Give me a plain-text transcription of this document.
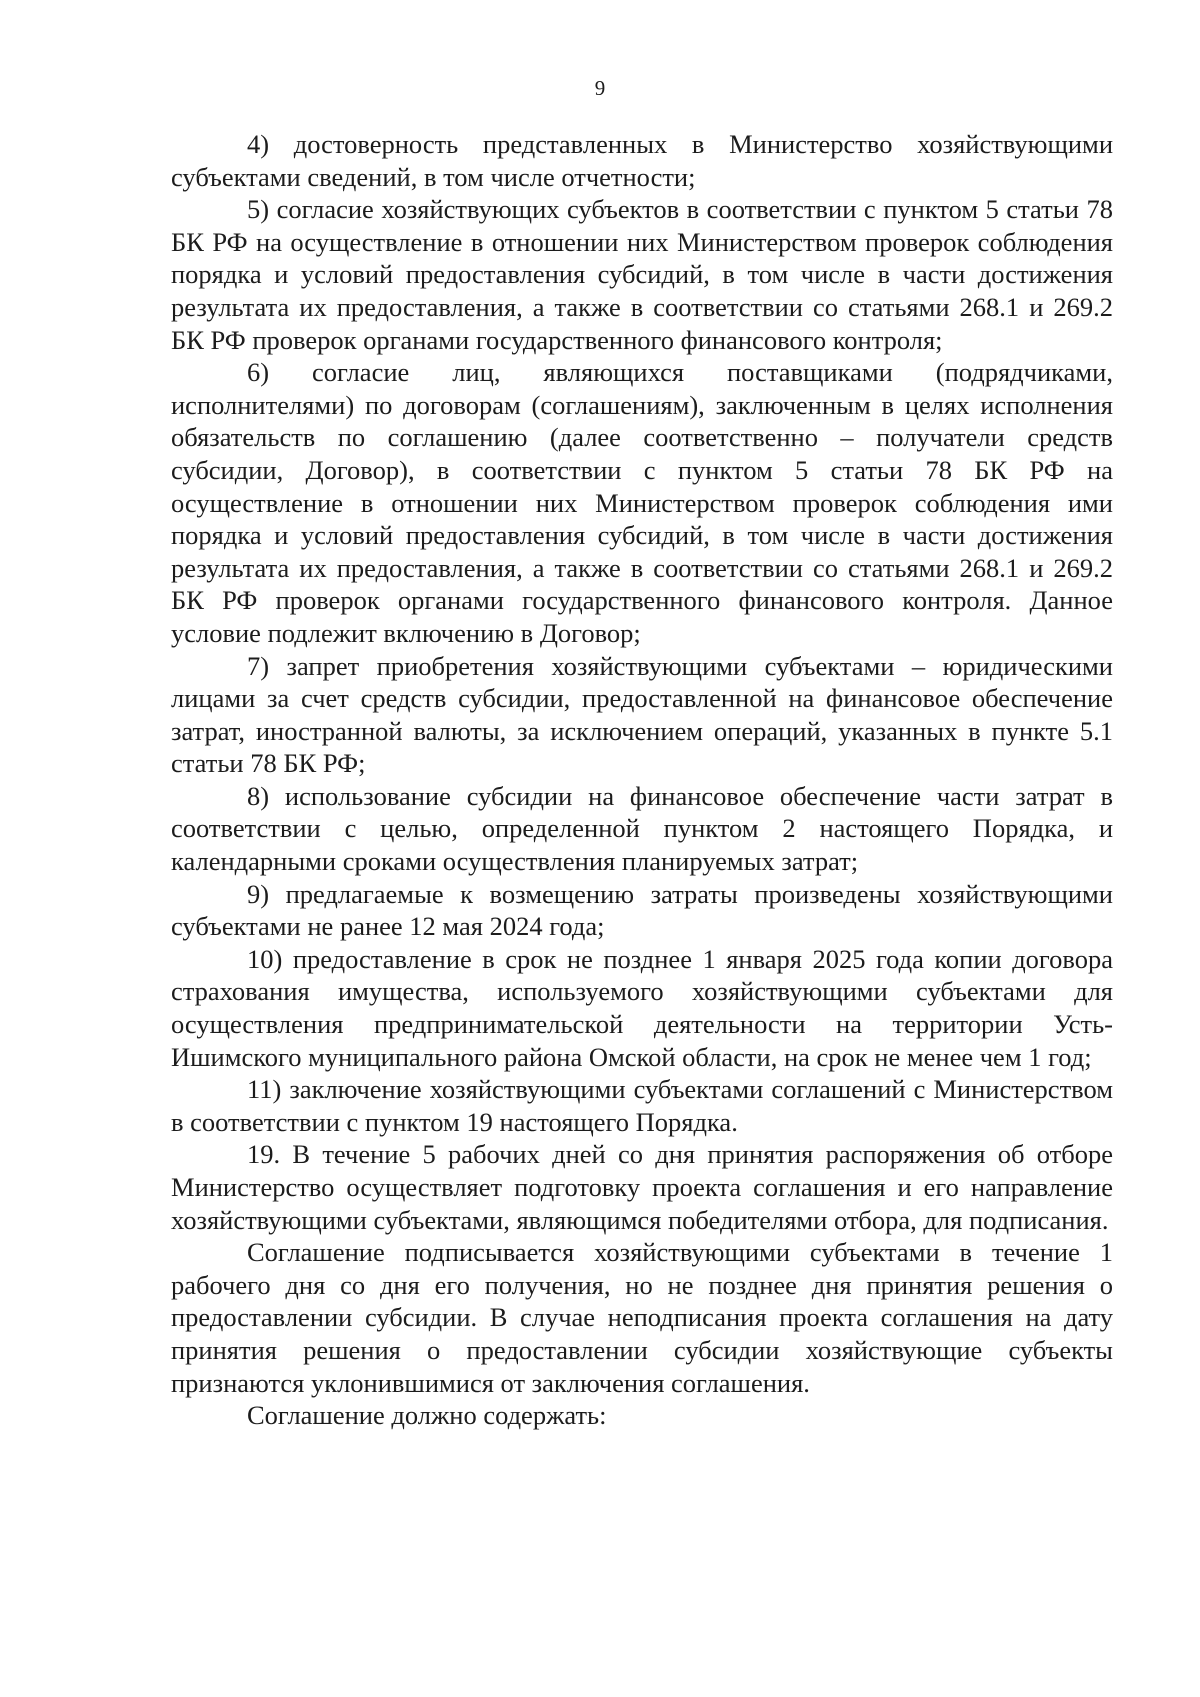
9

4) достоверность представленных в Министерство хозяйствующими субъектами сведений, в том числе отчетности;

5) согласие хозяйствующих субъектов в соответствии с пунктом 5 статьи 78 БК РФ на осуществление в отношении них Министерством проверок соблюдения порядка и условий предоставления субсидий, в том числе в части достижения результата их предоставления, а также в соответствии со статьями 268.1 и 269.2 БК РФ проверок органами государственного финансового контроля;

6) согласие лиц, являющихся поставщиками (подрядчиками, исполнителями) по договорам (соглашениям), заключенным в целях исполнения обязательств по соглашению (далее соответственно – получатели средств субсидии, Договор), в соответствии с пунктом 5 статьи 78 БК РФ на осуществление в отношении них Министерством проверок соблюдения ими порядка и условий предоставления субсидий, в том числе в части достижения результата их предоставления, а также в соответствии со статьями 268.1 и 269.2 БК РФ проверок органами государственного финансового контроля. Данное условие подлежит включению в Договор;

7) запрет приобретения хозяйствующими субъектами – юридическими лицами за счет средств субсидии, предоставленной на финансовое обеспечение затрат, иностранной валюты, за исключением операций, указанных в пункте 5.1 статьи 78 БК РФ;

8) использование субсидии на финансовое обеспечение части затрат в соответствии с целью, определенной пунктом 2 настоящего Порядка, и календарными сроками осуществления планируемых затрат;

9) предлагаемые к возмещению затраты произведены хозяйствующими субъектами не ранее 12 мая 2024 года;

10) предоставление в срок не позднее 1 января 2025 года копии договора страхования имущества, используемого хозяйствующими субъектами для осуществления предпринимательской деятельности на территории Усть-Ишимского муниципального района Омской области, на срок не менее чем 1 год;

11) заключение хозяйствующими субъектами соглашений с Министерством в соответствии с пунктом 19 настоящего Порядка.

19. В течение 5 рабочих дней со дня принятия распоряжения об отборе Министерство осуществляет подготовку проекта соглашения и его направление хозяйствующими субъектами, являющимся победителями отбора, для подписания.

Соглашение подписывается хозяйствующими субъектами в течение 1 рабочего дня со дня его получения, но не позднее дня принятия решения о предоставлении субсидии. В случае неподписания проекта соглашения на дату принятия решения о предоставлении субсидии хозяйствующие субъекты признаются уклонившимися от заключения соглашения.

Соглашение должно содержать:
